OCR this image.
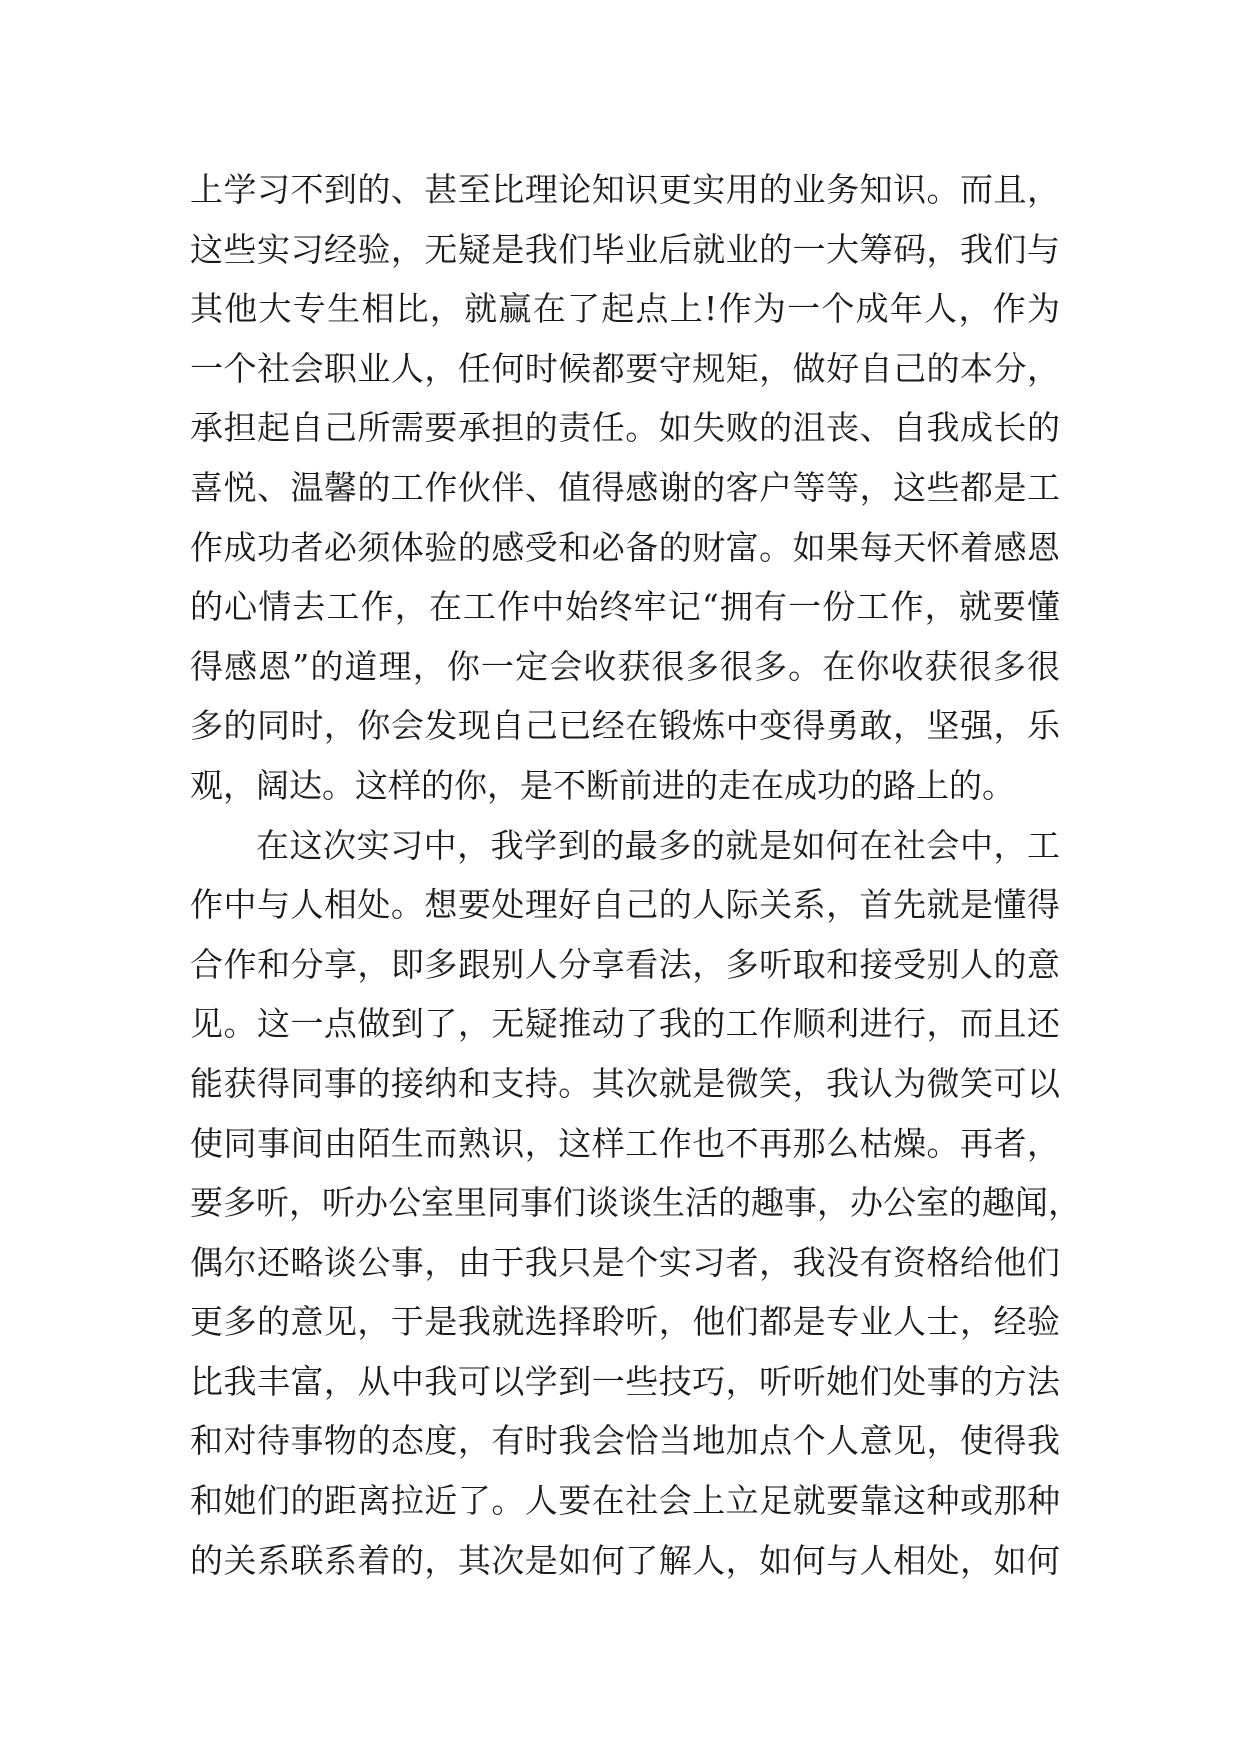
上学习不到的、甚至比理论知识更实用的业务知识。而且，
这些实习经验，无疑是我们毕业后就业的一大筹码，我们与
其他大专生相比，就赢在了起点上!作为一个成年人，作为
一个社会职业人，任何时候都要守规矩，做好自己的本分，
承担起自己所需要承担的责任。如失败的沮丧、自我成长的
喜悦、温馨的工作伙伴、值得感谢的客户等等，这些都是工
作成功者必须体验的感受和必备的财富。如果每天怀着感恩
的心情去工作，在工作中始终牢记“拥有一份工作，就要懂
得感恩”的道理，你一定会收获很多很多。在你收获很多很
多的同时，你会发现自己已经在锻炼中变得勇敢，坚强，乐
观，阔达。这样的你，是不断前进的走在成功的路上的。
在这次实习中，我学到的最多的就是如何在社会中，工
作中与人相处。想要处理好自己的人际关系，首先就是懂得
合作和分享，即多跟别人分享看法，多听取和接受别人的意
见。这一点做到了，无疑推动了我的工作顺利进行，而且还
能获得同事的接纳和支持。其次就是微笑，我认为微笑可以
使同事间由陌生而熟识，这样工作也不再那么枯燥。再者，
要多听，听办公室里同事们谈谈生活的趣事，办公室的趣闻，
偶尔还略谈公事，由于我只是个实习者，我没有资格给他们
更多的意见，于是我就选择聆听，他们都是专业人士，经验
比我丰富，从中我可以学到一些技巧，听听她们处事的方法
和对待事物的态度，有时我会恰当地加点个人意见，使得我
和她们的距离拉近了。人要在社会上立足就要靠这种或那种
的关系联系着的，其次是如何了解人，如何与人相处，如何
